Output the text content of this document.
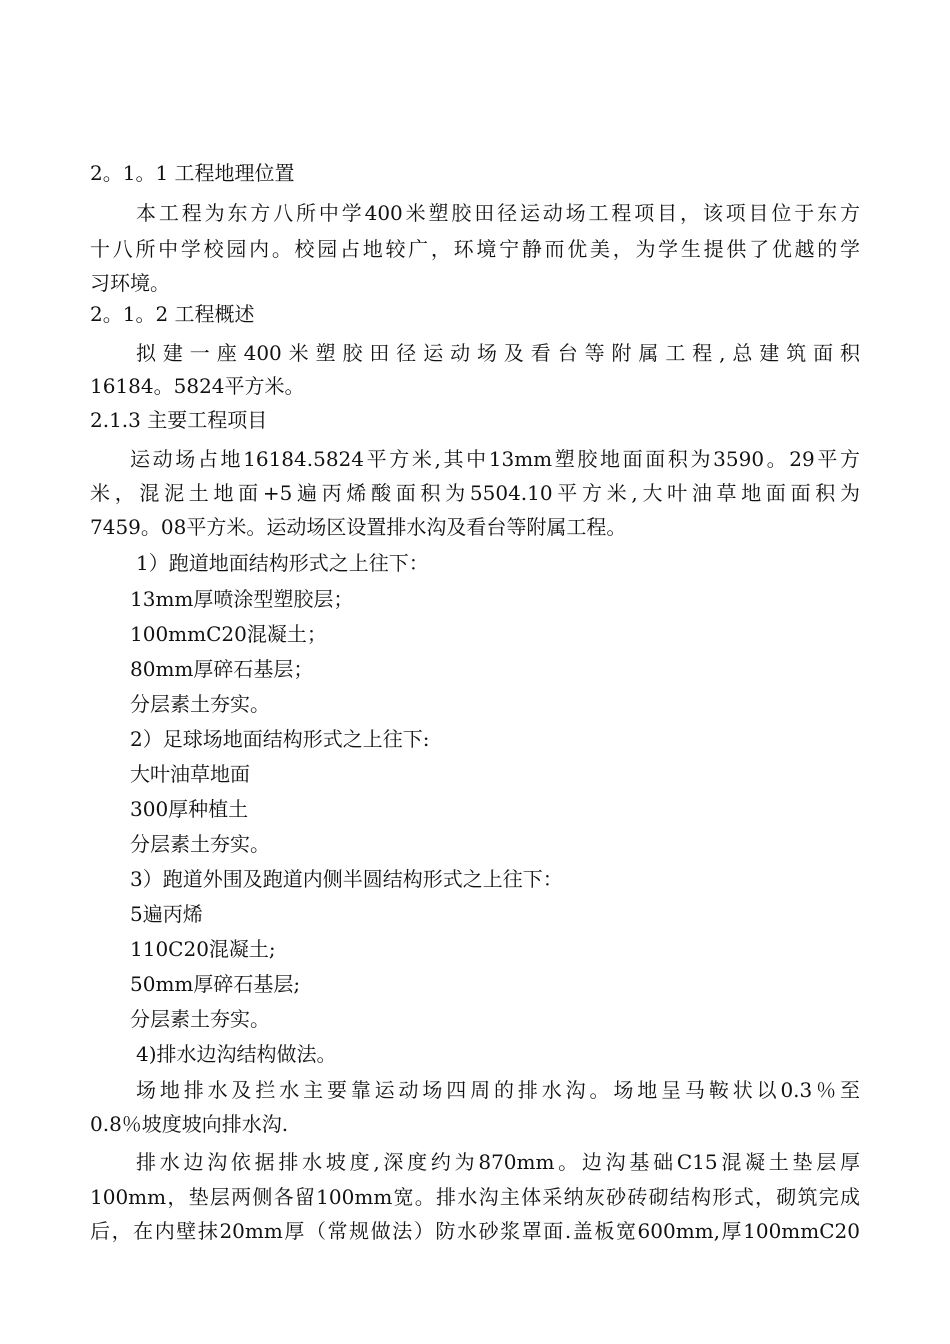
2。1。1 工程地理位置
本工程为东方八所中学400米塑胶田径运动场工程项目，该项目位于东方
十八所中学校园内。校园占地较广，环境宁静而优美，为学生提供了优越的学
习环境。
2。1。2 工程概述
拟建一座400米塑胶田径运动场及看台等附属工程,总建筑面积
16184。5824平方米。
2.1.3 主要工程项目
运动场占地16184.5824平方米,其中13mm塑胶地面面积为3590。29平方
米，混泥土地面+5遍丙烯酸面积为5504.10平方米,大叶油草地面面积为
7459。08平方米。运动场区设置排水沟及看台等附属工程。
1）跑道地面结构形式之上往下：
13mm厚喷涂型塑胶层；
100mmC20混凝土；
80mm厚碎石基层；
分层素土夯实。
2）足球场地面结构形式之上往下:
大叶油草地面
300厚种植土
分层素土夯实。
3）跑道外围及跑道内侧半圆结构形式之上往下：
5遍丙烯
110C20混凝土;
50mm厚碎石基层;
分层素土夯实。
4)排水边沟结构做法。
场地排水及拦水主要靠运动场四周的排水沟。场地呈马鞍状以0.3％至
0.8％坡度坡向排水沟.
排水边沟依据排水坡度,深度约为870mm。边沟基础C15混凝土垫层厚
100mm，垫层两侧各留100mm宽。排水沟主体采纳灰砂砖砌结构形式，砌筑完成
后，在内壁抹20mm厚（常规做法）防水砂浆罩面.盖板宽600mm,厚100mmC20
